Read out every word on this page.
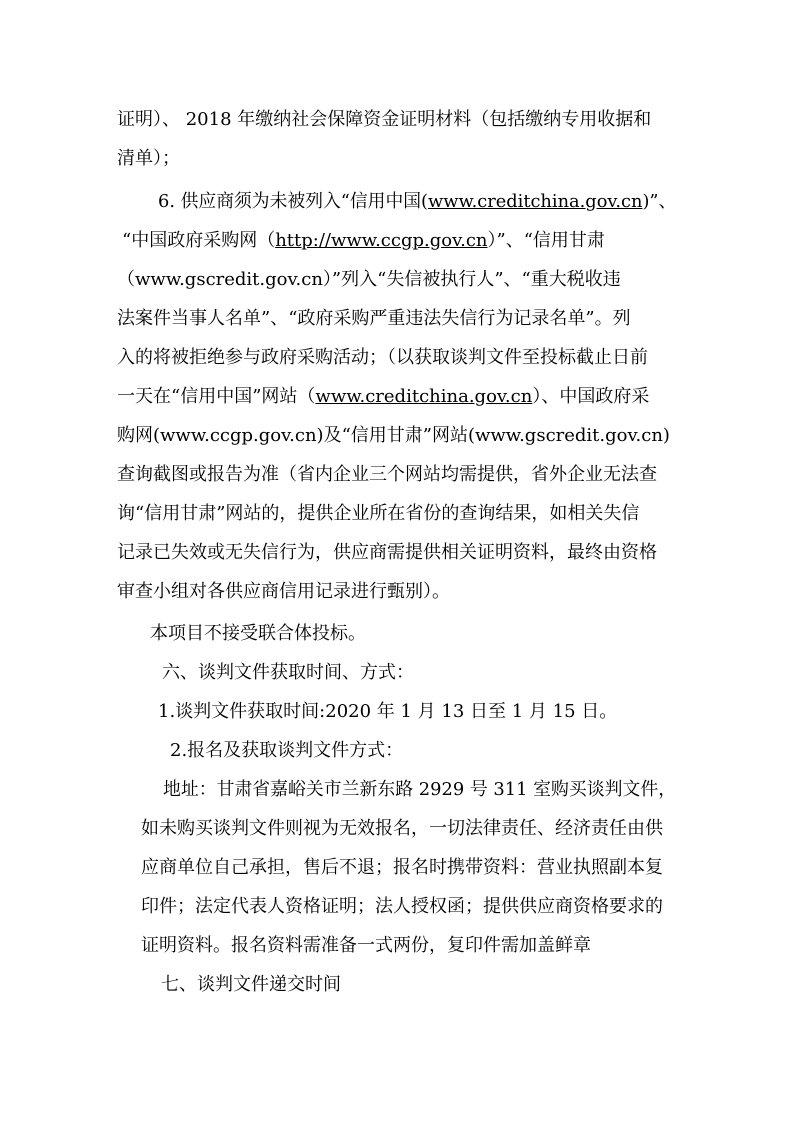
证明）、 2018 年缴纳社会保障资金证明材料（包括缴纳专用收据和
清单）；
6. 供应商须为未被列入“信用中国(www.creditchina.gov.cn)”、
“中国政府采购网（http://www.ccgp.gov.cn）”、“信用甘肃
（www.gscredit.gov.cn）”列入“失信被执行人”、“重大税收违
法案件当事人名单”、“政府采购严重违法失信行为记录名单”。列
入的将被拒绝参与政府采购活动；（以获取谈判文件至投标截止日前
一天在“信用中国”网站（www.creditchina.gov.cn）、中国政府采
购网(www.ccgp.gov.cn)及“信用甘肃”网站(www.gscredit.gov.cn)
查询截图或报告为准（省内企业三个网站均需提供，省外企业无法查
询“信用甘肃”网站的，提供企业所在省份的查询结果，如相关失信
记录已失效或无失信行为，供应商需提供相关证明资料，最终由资格
审查小组对各供应商信用记录进行甄别）。
本项目不接受联合体投标。
六、谈判文件获取时间、方式：
1.谈判文件获取时间:2020 年 1 月 13 日至 1 月 15 日。
2.报名及获取谈判文件方式：
地址：甘肃省嘉峪关市兰新东路 2929 号 311 室购买谈判文件，
如未购买谈判文件则视为无效报名，一切法律责任、经济责任由供
应商单位自己承担，售后不退；报名时携带资料：营业执照副本复
印件；法定代表人资格证明；法人授权函；提供供应商资格要求的
证明资料。报名资料需准备一式两份，复印件需加盖鲜章
七、谈判文件递交时间
